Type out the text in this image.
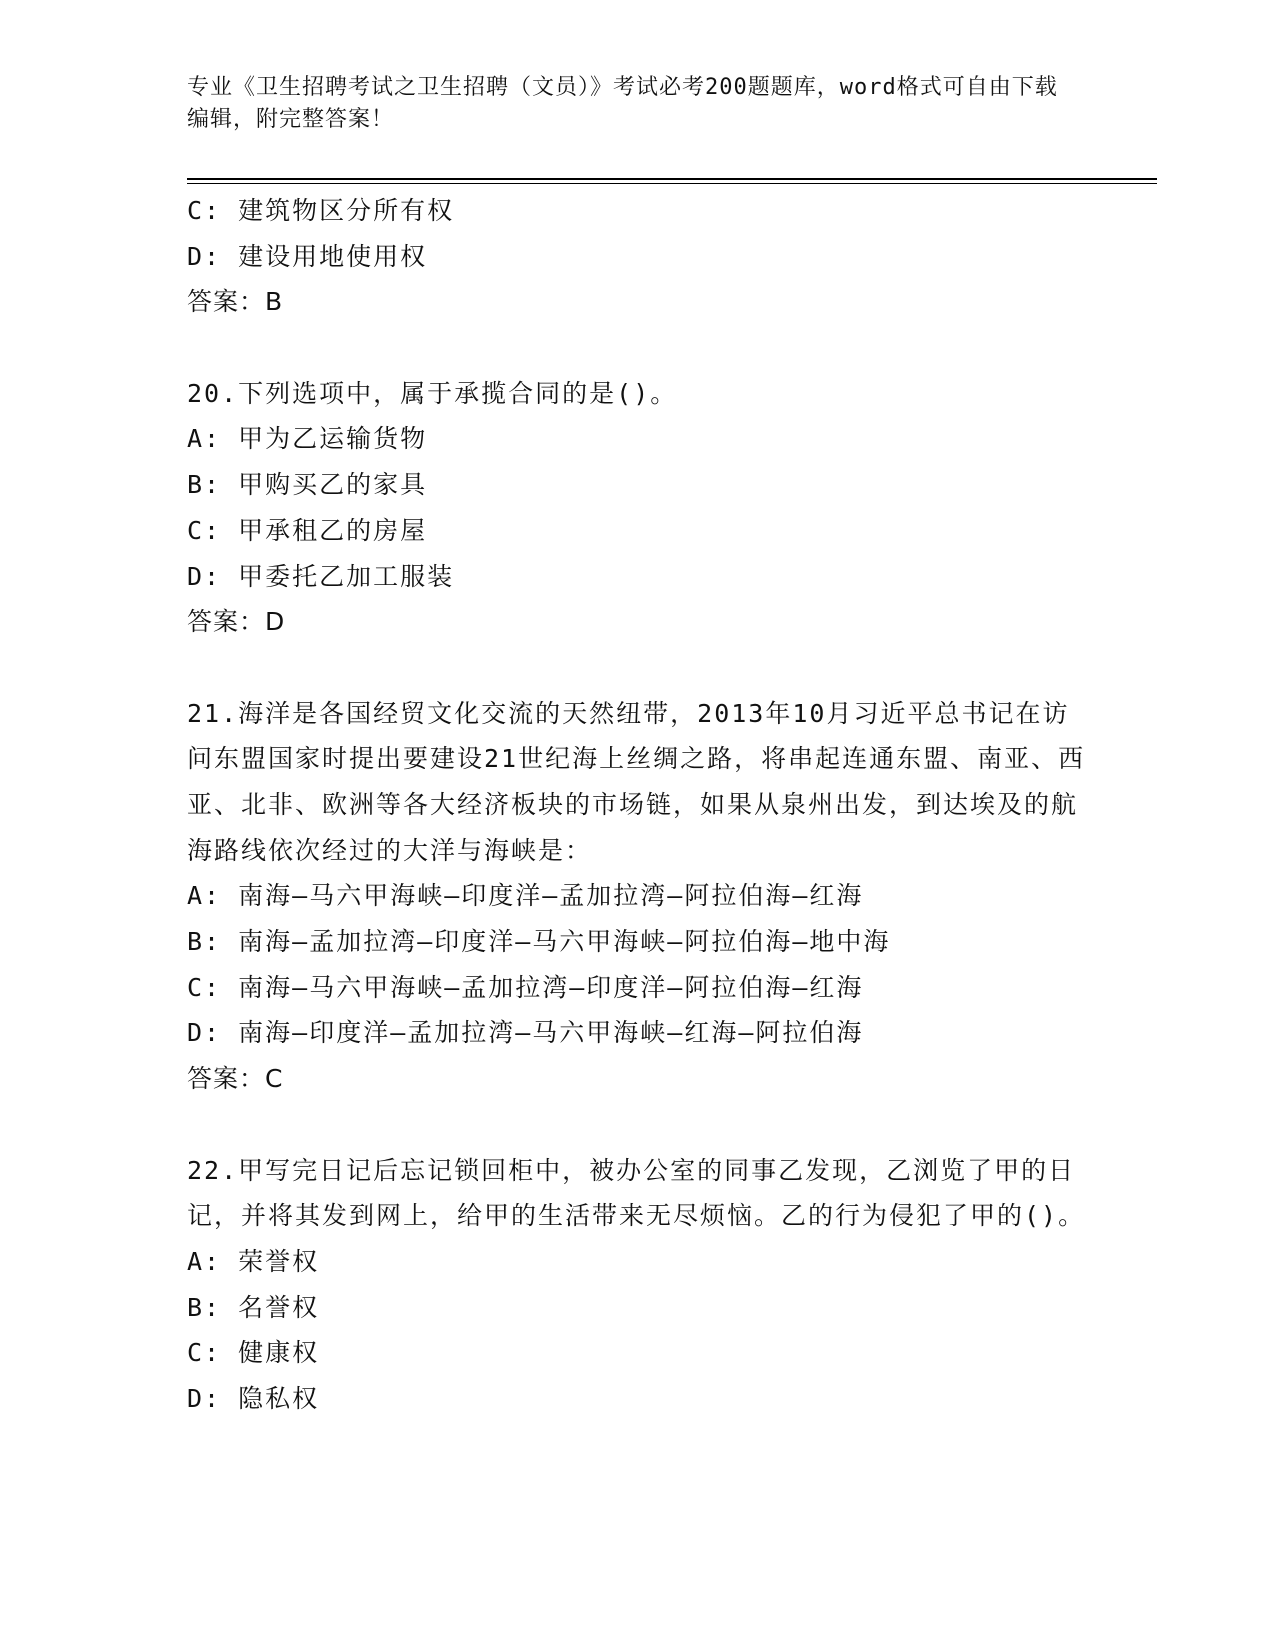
专业《卫生招聘考试之卫生招聘（文员）》考试必考200题题库，word格式可自由下载编辑，附完整答案！
C: 建筑物区分所有权
D: 建设用地使用权
答案：B
20.下列选项中，属于承揽合同的是()。
A: 甲为乙运输货物
B: 甲购买乙的家具
C: 甲承租乙的房屋
D: 甲委托乙加工服装
答案：D
21.海洋是各国经贸文化交流的天然纽带，2013年10月习近平总书记在访问东盟国家时提出要建设21世纪海上丝绸之路，将串起连通东盟、南亚、西亚、北非、欧洲等各大经济板块的市场链，如果从泉州出发，到达埃及的航海路线依次经过的大洋与海峡是：
A: 南海—马六甲海峡—印度洋—孟加拉湾—阿拉伯海—红海
B: 南海—孟加拉湾—印度洋—马六甲海峡—阿拉伯海—地中海
C: 南海—马六甲海峡—孟加拉湾—印度洋—阿拉伯海—红海
D: 南海—印度洋—孟加拉湾—马六甲海峡—红海—阿拉伯海
答案：C
22.甲写完日记后忘记锁回柜中，被办公室的同事乙发现，乙浏览了甲的日记，并将其发到网上，给甲的生活带来无尽烦恼。乙的行为侵犯了甲的()。
A: 荣誉权
B: 名誉权
C: 健康权
D: 隐私权
